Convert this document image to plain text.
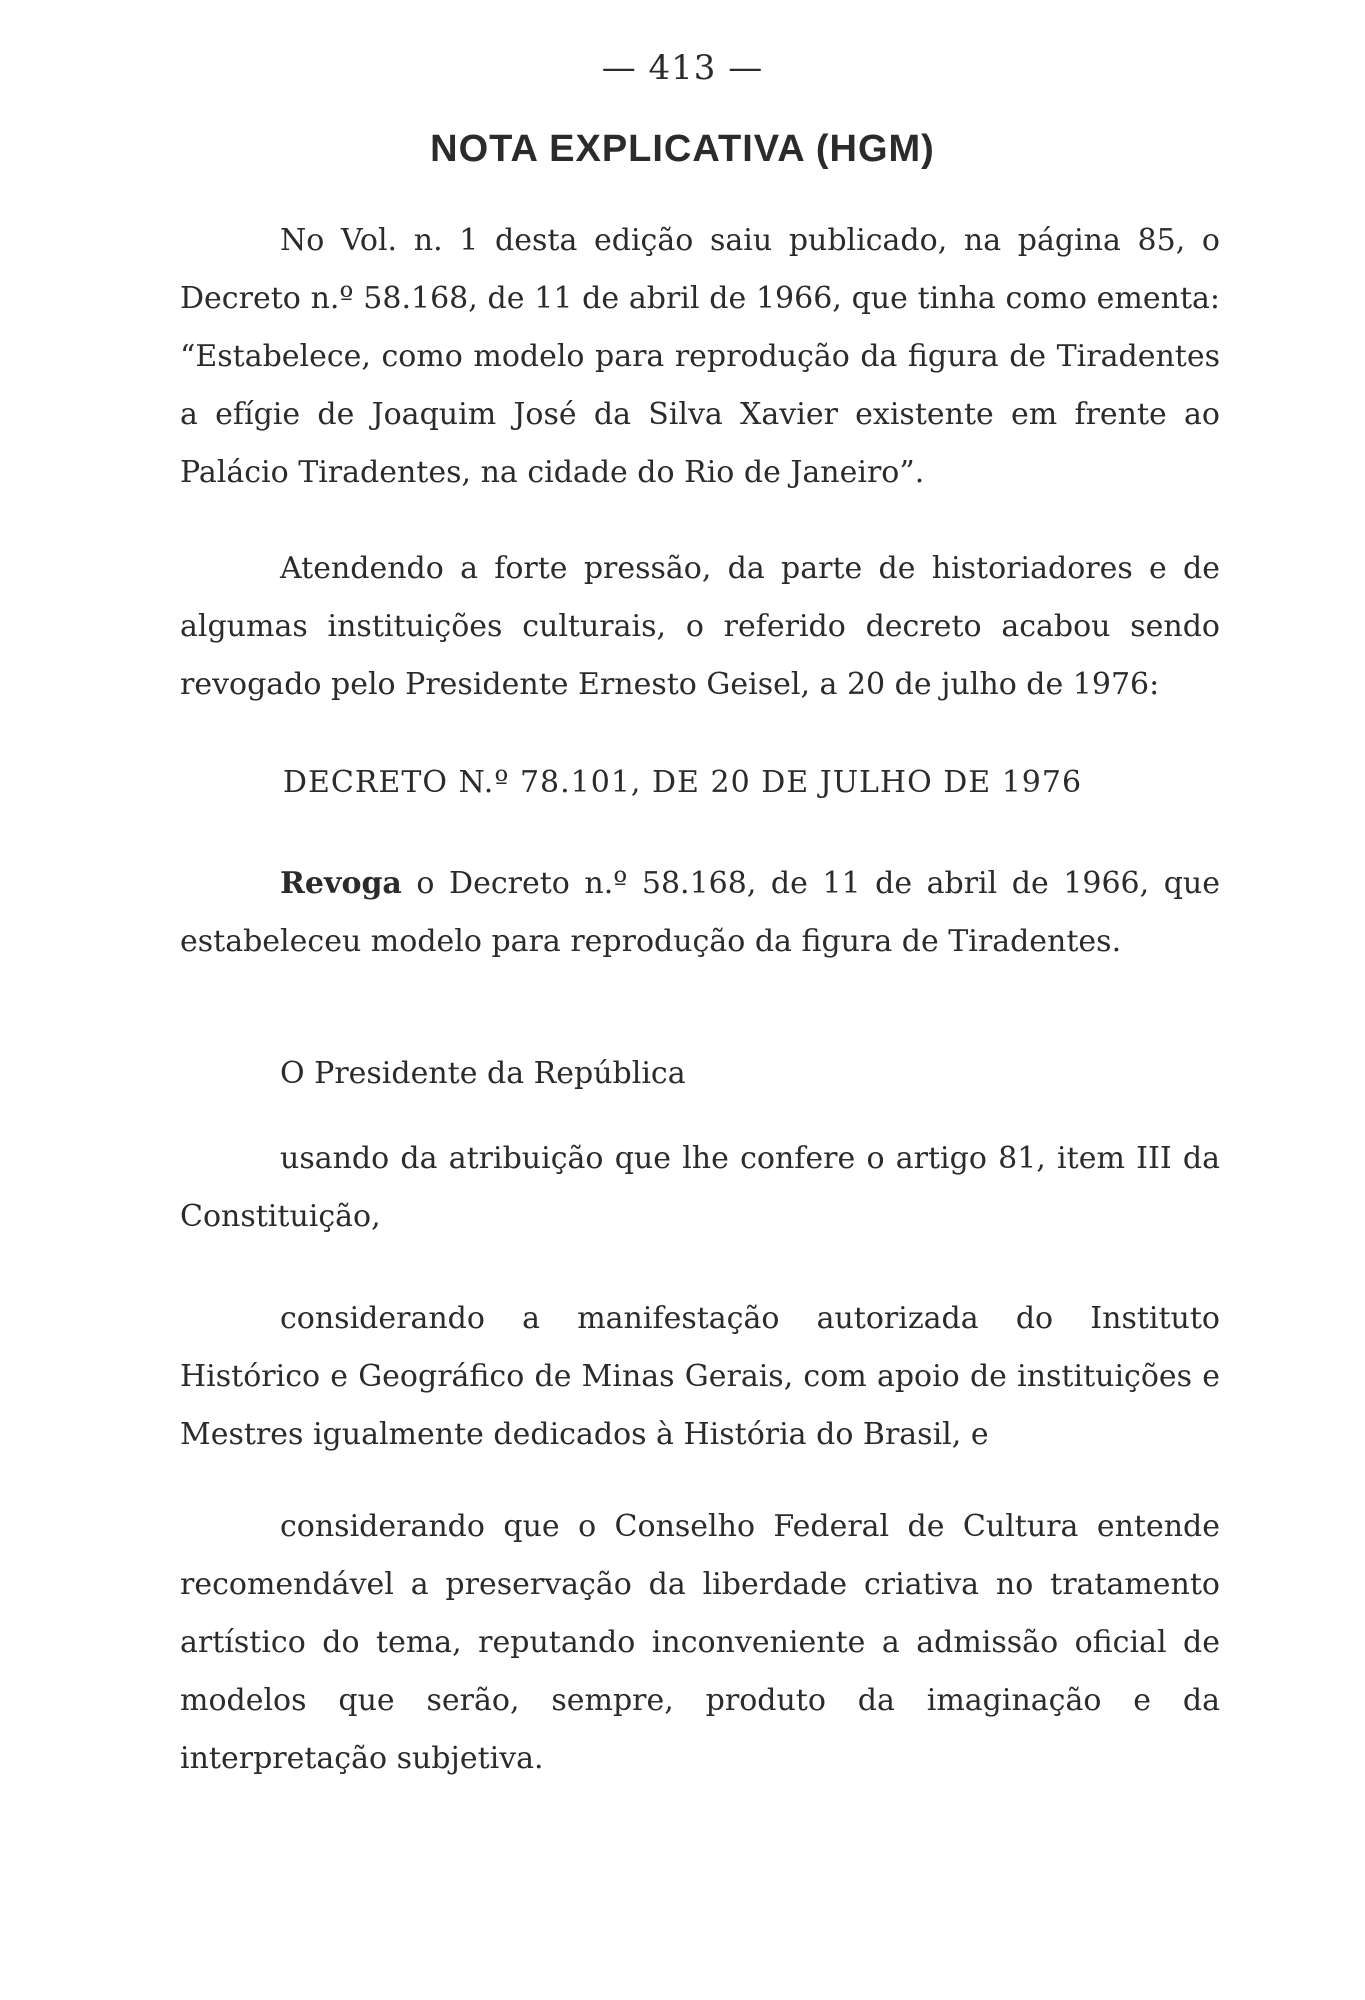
— 413 —
NOTA EXPLICATIVA (HGM)

No Vol. n. 1 desta edição saiu publicado, na página 85, o Decreto n.º 58.168, de 11 de abril de 1966, que tinha como ementa: “Estabelece, como modelo para reprodução da figura de Tiradentes a efígie de Joaquim José da Silva Xavier existente em frente ao Palácio Tiradentes, na cidade do Rio de Janeiro”.

Atendendo a forte pressão, da parte de historiadores e de algumas instituições culturais, o referido decreto acabou sendo revogado pelo Presidente Ernesto Geisel, a 20 de julho de 1976:

DECRETO N.º 78.101, DE 20 DE JULHO DE 1976

Revoga o Decreto n.º 58.168, de 11 de abril de 1966, que estabeleceu modelo para reprodução da figura de Tiradentes.

O Presidente da República

usando da atribuição que lhe confere o artigo 81, item III da Constituição,

considerando a manifestação autorizada do Instituto Histórico e Geográfico de Minas Gerais, com apoio de instituições e Mestres igualmente dedicados à História do Brasil, e

considerando que o Conselho Federal de Cultura entende recomendável a preservação da liberdade criativa no tratamento artístico do tema, reputando inconveniente a admissão oficial de modelos que serão, sempre, produto da imaginação e da interpretação subjetiva.
